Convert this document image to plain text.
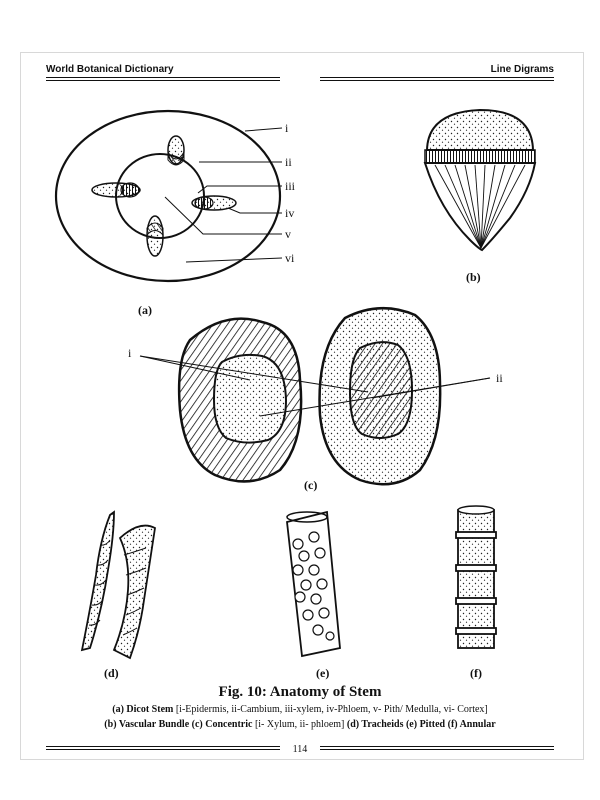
World Botanical Dictionary	Line Digrams
i
ii
iii
iv
v
vi
i
ii
(a)
(b)
(c)
(d)	(e)	(f)
Fig. 10: Anatomy of Stem
(a) Dicot Stem [i-Epidermis, ii-Cambium, iii-xylem, iv-Phloem, v- Pith/ Medulla, vi- Cortex]
(b) Vascular Bundle (c) Concentric [i- Xylum, ii- phloem] (d) Tracheids (e) Pitted (f) Annular
114
